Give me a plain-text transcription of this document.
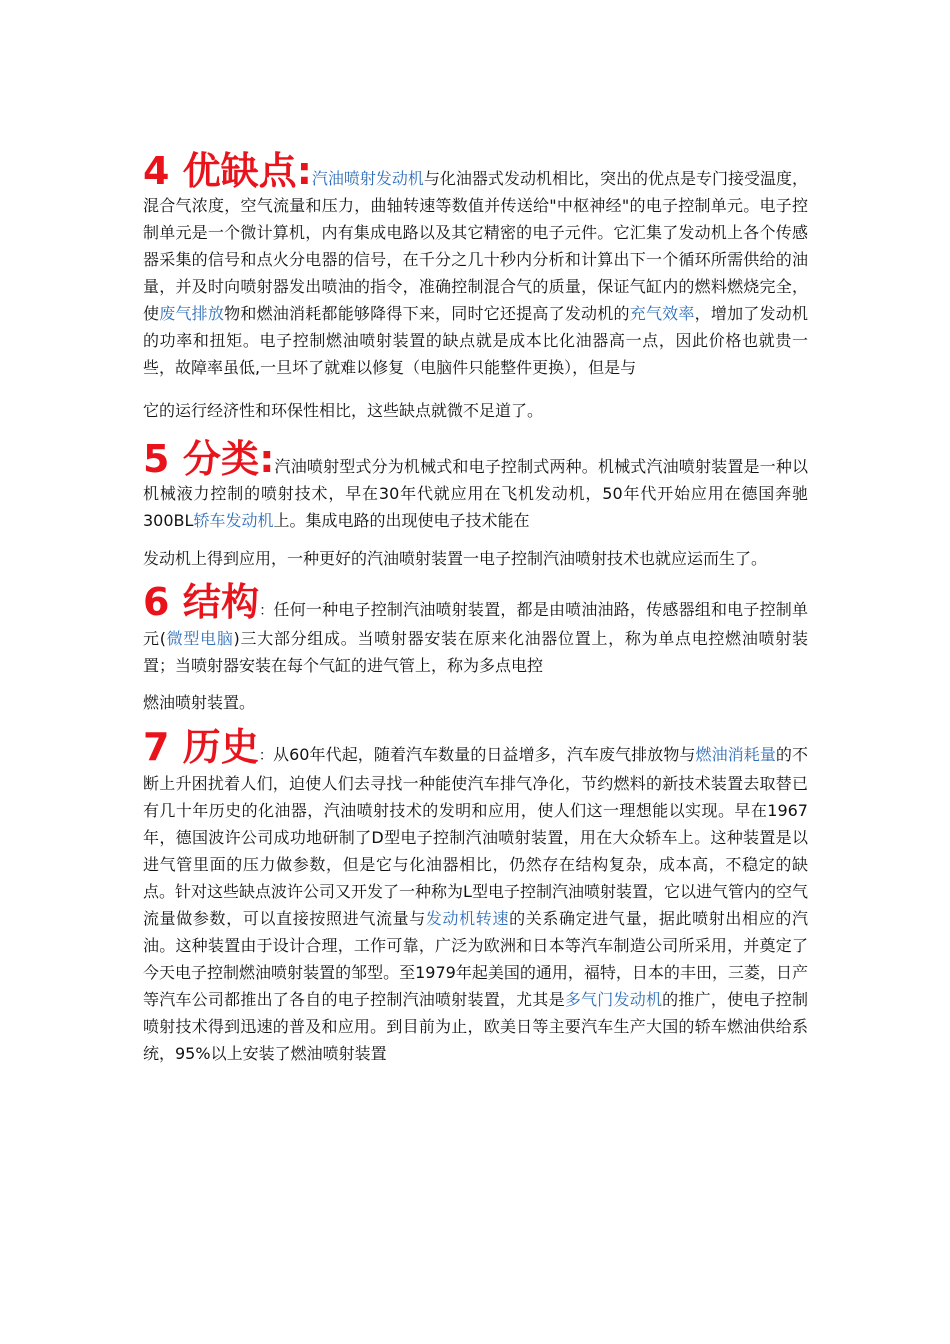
4 优缺点:汽油喷射发动机与化油器式发动机相比，突出的优点是专门接受温度，混合气浓度，空气流量和压力，曲轴转速等数值并传送给"中枢神经"的电子控制单元。电子控制单元是一个微计算机，内有集成电路以及其它精密的电子元件。它汇集了发动机上各个传感器采集的信号和点火分电器的信号，在千分之几十秒内分析和计算出下一个循环所需供给的油量，并及时向喷射器发出喷油的指令，准确控制混合气的质量，保证气缸内的燃料燃烧完全，使废气排放物和燃油消耗都能够降得下来，同时它还提高了发动机的充气效率，增加了发动机的功率和扭矩。电子控制燃油喷射装置的缺点就是成本比化油器高一点，因此价格也就贵一些，故障率虽低,一旦坏了就难以修复（电脑件只能整件更换），但是与
它的运行经济性和环保性相比，这些缺点就微不足道了。

5 分类:汽油喷射型式分为机械式和电子控制式两种。机械式汽油喷射装置是一种以机械液力控制的喷射技术，早在30年代就应用在飞机发动机，50年代开始应用在德国奔驰300BL轿车发动机上。集成电路的出现使电子技术能在
发动机上得到应用，一种更好的汽油喷射装置一电子控制汽油喷射技术也就应运而生了。

6 结构：任何一种电子控制汽油喷射装置，都是由喷油油路，传感器组和电子控制单元(微型电脑)三大部分组成。当喷射器安装在原来化油器位置上，称为单点电控燃油喷射装置；当喷射器安装在每个气缸的进气管上，称为多点电控
燃油喷射装置。

7 历史：从60年代起，随着汽车数量的日益增多，汽车废气排放物与燃油消耗量的不断上升困扰着人们，迫使人们去寻找一种能使汽车排气净化，节约燃料的新技术装置去取替已有几十年历史的化油器，汽油喷射技术的发明和应用，使人们这一理想能以实现。早在1967年，德国波许公司成功地研制了D型电子控制汽油喷射装置，用在大众轿车上。这种装置是以进气管里面的压力做参数，但是它与化油器相比，仍然存在结构复杂，成本高，不稳定的缺点。针对这些缺点波许公司又开发了一种称为L型电子控制汽油喷射装置，它以进气管内的空气流量做参数，可以直接按照进气流量与发动机转速的关系确定进气量，据此喷射出相应的汽油。这种装置由于设计合理，工作可靠，广泛为欧洲和日本等汽车制造公司所采用，并奠定了今天电子控制燃油喷射装置的邹型。至1979年起美国的通用，福特，日本的丰田，三菱，日产等汽车公司都推出了各自的电子控制汽油喷射装置，尤其是多气门发动机的推广，使电子控制喷射技术得到迅速的普及和应用。到目前为止，欧美日等主要汽车生产大国的轿车燃油供给系统，95%以上安装了燃油喷射装置
